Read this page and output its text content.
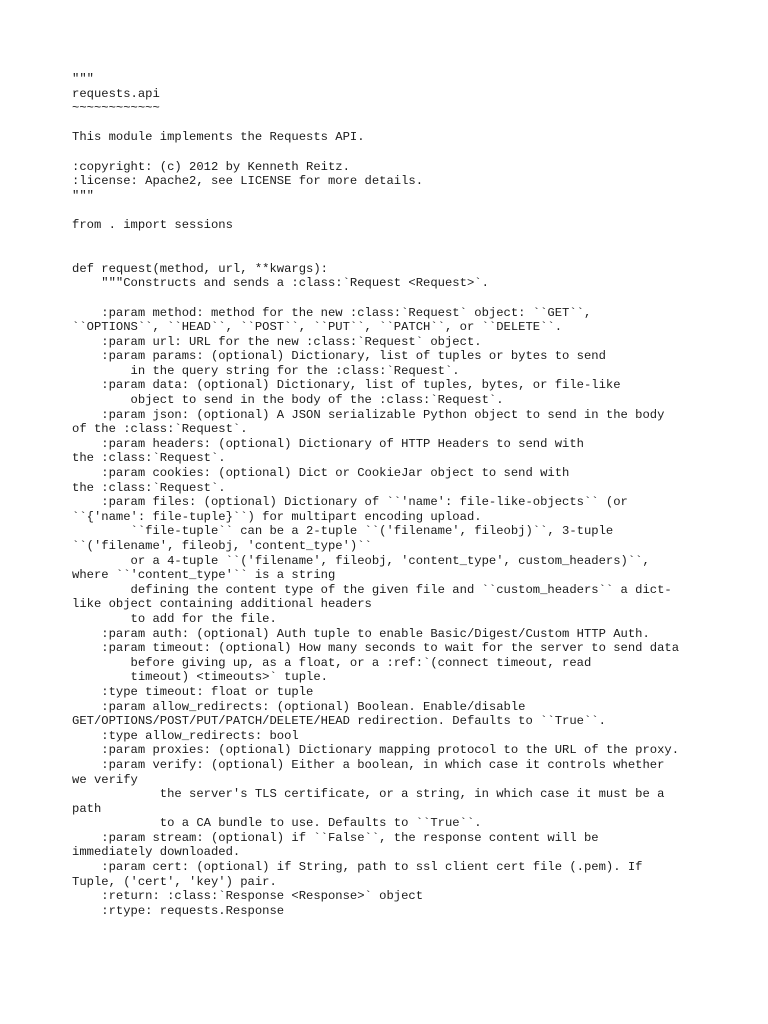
"""
requests.api
~~~~~~~~~~~~
This module implements the Requests API.
:copyright: (c) 2012 by Kenneth Reitz.
:license: Apache2, see LICENSE for more details.
"""
from . import sessions
def request(method, url, **kwargs):
"""Constructs and sends a :class:`Request <Request>`.
:param method: method for the new :class:`Request` object: ``GET``,
``OPTIONS``, ``HEAD``, ``POST``, ``PUT``, ``PATCH``, or ``DELETE``.
:param url: URL for the new :class:`Request` object.
:param params: (optional) Dictionary, list of tuples or bytes to send
in the query string for the :class:`Request`.
:param data: (optional) Dictionary, list of tuples, bytes, or file-like
object to send in the body of the :class:`Request`.
:param json: (optional) A JSON serializable Python object to send in the body
of the :class:`Request`.
:param headers: (optional) Dictionary of HTTP Headers to send with
the :class:`Request`.
:param cookies: (optional) Dict or CookieJar object to send with
the :class:`Request`.
:param files: (optional) Dictionary of ``'name': file-like-objects`` (or
``{'name': file-tuple}``) for multipart encoding upload.
``file-tuple`` can be a 2-tuple ``('filename', fileobj)``, 3-tuple
``('filename', fileobj, 'content_type')``
or a 4-tuple ``('filename', fileobj, 'content_type', custom_headers)``,
where ``'content_type'`` is a string
defining the content type of the given file and ``custom_headers`` a dict-
like object containing additional headers
to add for the file.
:param auth: (optional) Auth tuple to enable Basic/Digest/Custom HTTP Auth.
:param timeout: (optional) How many seconds to wait for the server to send data
before giving up, as a float, or a :ref:`(connect timeout, read
timeout) <timeouts>` tuple.
:type timeout: float or tuple
:param allow_redirects: (optional) Boolean. Enable/disable
GET/OPTIONS/POST/PUT/PATCH/DELETE/HEAD redirection. Defaults to ``True``.
:type allow_redirects: bool
:param proxies: (optional) Dictionary mapping protocol to the URL of the proxy.
:param verify: (optional) Either a boolean, in which case it controls whether
we verify
the server's TLS certificate, or a string, in which case it must be a
path
to a CA bundle to use. Defaults to ``True``.
:param stream: (optional) if ``False``, the response content will be
immediately downloaded.
:param cert: (optional) if String, path to ssl client cert file (.pem). If
Tuple, ('cert', 'key') pair.
:return: :class:`Response <Response>` object
:rtype: requests.Response
